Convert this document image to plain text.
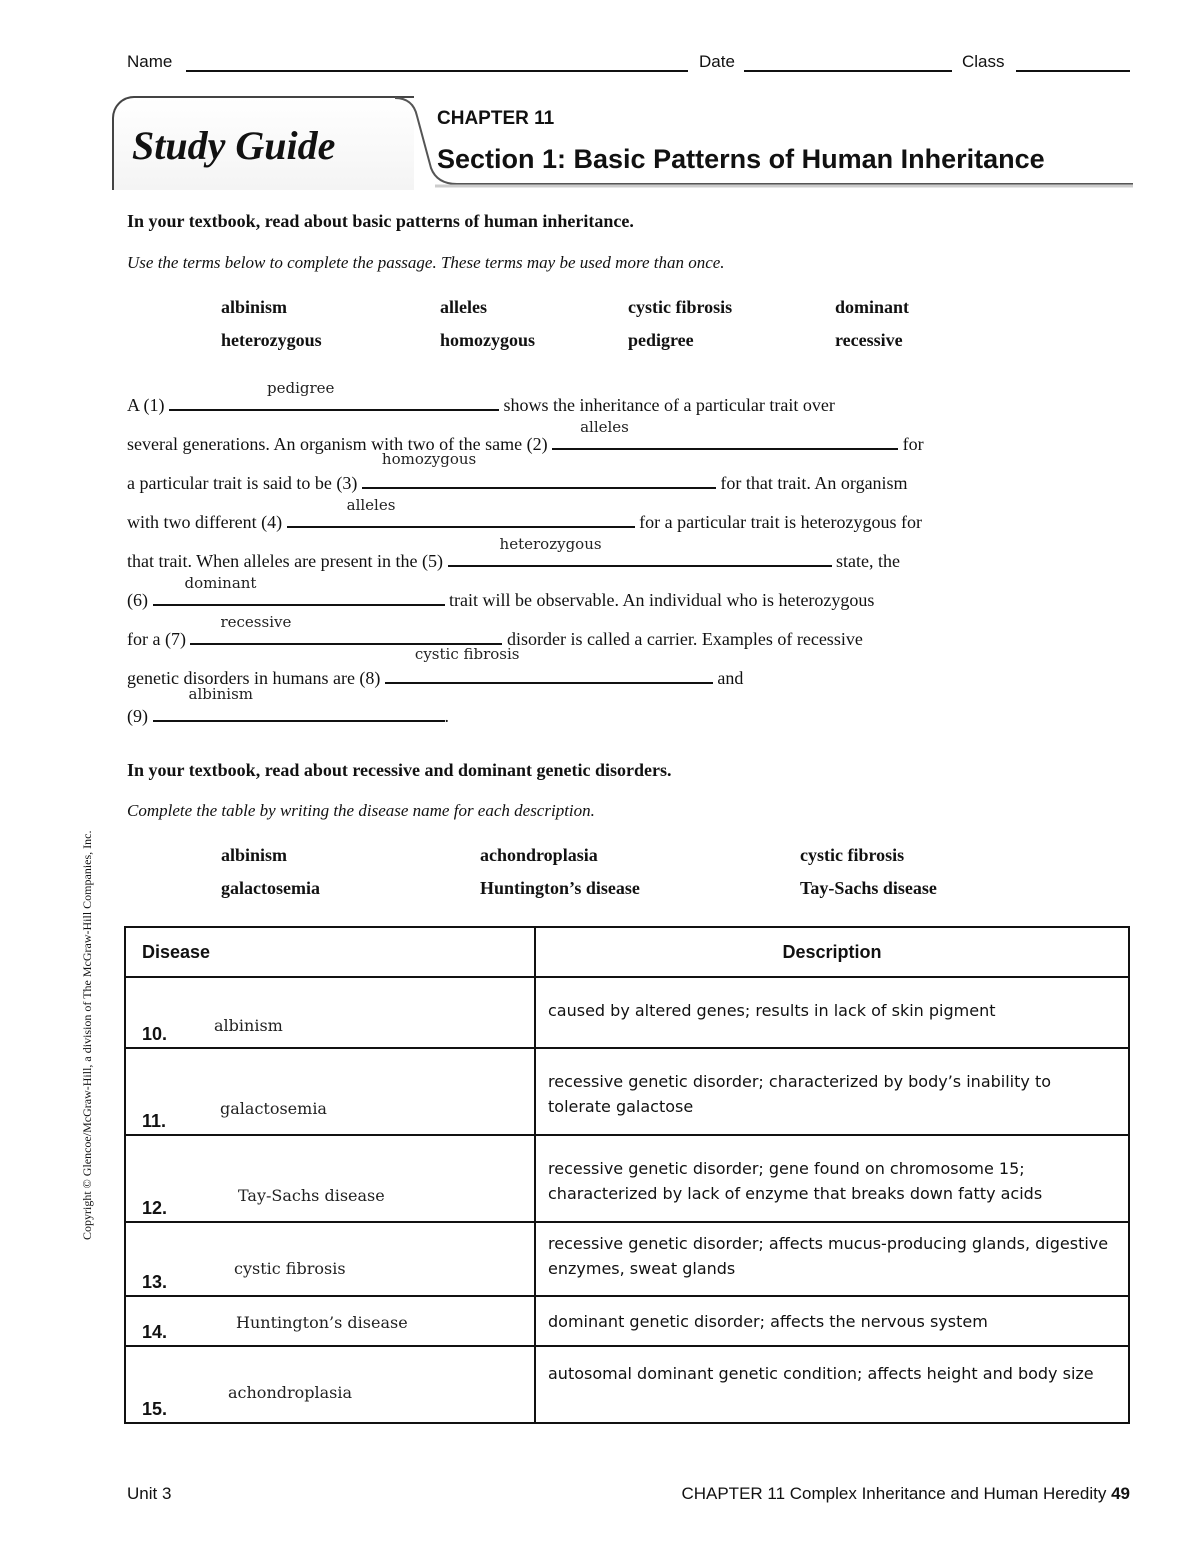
Name	Date	Class
Study Guide
CHAPTER 11
Section 1: Basic Patterns of Human Inheritance
In your textbook, read about basic patterns of human inheritance.
Use the terms below to complete the passage. These terms may be used more than once.
albinism	alleles	cystic fibrosis	dominant
heterozygous	homozygous	pedigree	recessive
A (1)
pedigree
shows the inheritance of a particular trait over
several generations. An organism with two of the same (2)
alleles
for
a particular trait is said to be (3)
homozygous
for that trait. An organism
with two different (4)
alleles
for a particular trait is heterozygous for
that trait. When alleles are present in the (5)
heterozygous
state, the
(6)
dominant
trait will be observable. An individual who is heterozygous
for a (7)
recessive
disorder is called a carrier. Examples of recessive
genetic disorders in humans are (8)
cystic fibrosis
and
(9)
albinism
.
In your textbook, read about recessive and dominant genetic disorders.
Complete the table by writing the disease name for each description.
albinism	achondroplasia	cystic fibrosis
galactosemia	Huntington’s disease	Tay-Sachs disease
Disease	Description

albinism
10.	caused by altered genes; results in lack of skin pigment

galactosemia
11.	recessive genetic disorder; characterized by body’s inability to tolerate galactose

Tay-Sachs disease
12.	recessive genetic disorder; gene found on chromosome 15; characterized by lack of enzyme that breaks down fatty acids

cystic fibrosis
13.	recessive genetic disorder; affects mucus-producing glands, digestive enzymes, sweat glands

Huntington’s disease
14.	dominant genetic disorder; affects the nervous system

achondroplasia
15.	autosomal dominant genetic condition; affects height and body size
Copyright © Glencoe/McGraw-Hill, a division of The McGraw-Hill Companies, Inc.
Unit 3	CHAPTER 11 Complex Inheritance and Human Heredity 49
